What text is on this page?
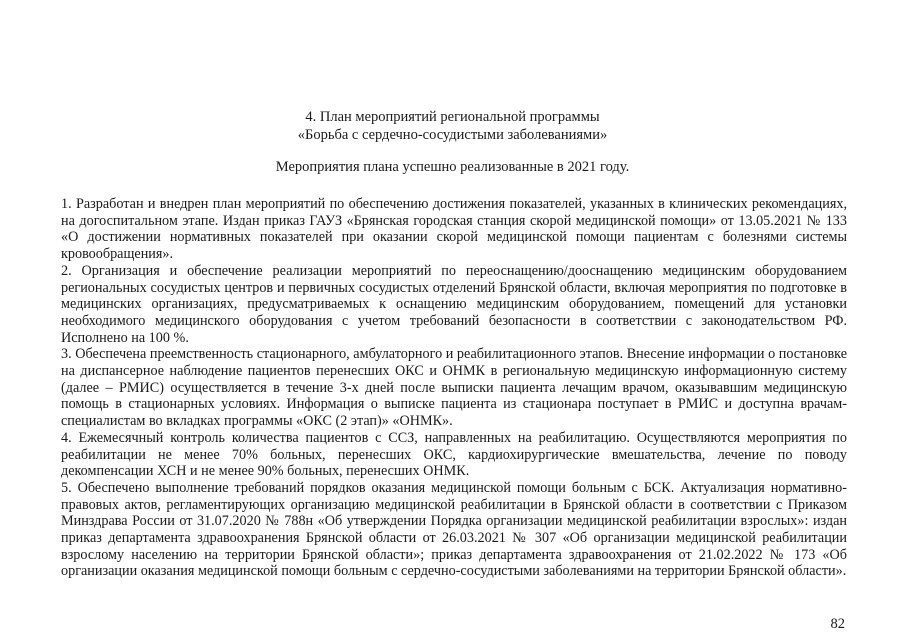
4. План мероприятий региональной программы
«Борьба с сердечно-сосудистыми заболеваниями»
Мероприятия плана успешно реализованные в 2021 году.

1. Разработан и внедрен план мероприятий по обеспечению достижения показателей, указанных в клинических рекомендациях, на догоспитальном этапе. Издан приказ ГАУЗ «Брянская городская станция скорой медицинской помощи» от 13.05.2021 № 133 «О достижении нормативных показателей при оказании скорой медицинской помощи пациентам с болезнями системы кровообращения».

2. Организация и обеспечение реализации мероприятий по переоснащению/дооснащению медицинским оборудованием региональных сосудистых центров и первичных сосудистых отделений Брянской области, включая мероприятия по подготовке в медицинских организациях, предусматриваемых к оснащению медицинским оборудованием, помещений для установки необходимого медицинского оборудования с учетом требований безопасности в соответствии с законодательством РФ. Исполнено на 100 %.

3. Обеспечена преемственность стационарного, амбулаторного и реабилитационного этапов. Внесение информации о постановке на диспансерное наблюдение пациентов перенесших ОКС и ОНМК в региональную медицинскую информационную систему (далее – РМИС) осуществляется в течение 3-х дней после выписки пациента лечащим врачом, оказывавшим медицинскую помощь в стационарных условиях. Информация о выписке пациента из стационара поступает в РМИС и доступна врачам-специалистам во вкладках программы «ОКС (2 этап)» «ОНМК».

4. Ежемесячный контроль количества пациентов с ССЗ, направленных на реабилитацию. Осуществляются мероприятия по реабилитации не менее 70% больных, перенесших ОКС, кардиохирургические вмешательства, лечение по поводу декомпенсации ХСН и не менее 90% больных, перенесших ОНМК.

5. Обеспечено выполнение требований порядков оказания медицинской помощи больным с БСК. Актуализация нормативно-правовых актов, регламентирующих организацию медицинской реабилитации в Брянской области в соответствии с Приказом Минздрава России от 31.07.2020 № 788н «Об утверждении Порядка организации медицинской реабилитации взрослых»: издан приказ департамента здравоохранения Брянской области от 26.03.2021 № 307 «Об организации медицинской реабилитации взрослому населению на территории Брянской области»; приказ департамента здравоохранения от 21.02.2022 № 173 «Об организации оказания медицинской помощи больным с сердечно-сосудистыми заболеваниями на территории Брянской области».

82
